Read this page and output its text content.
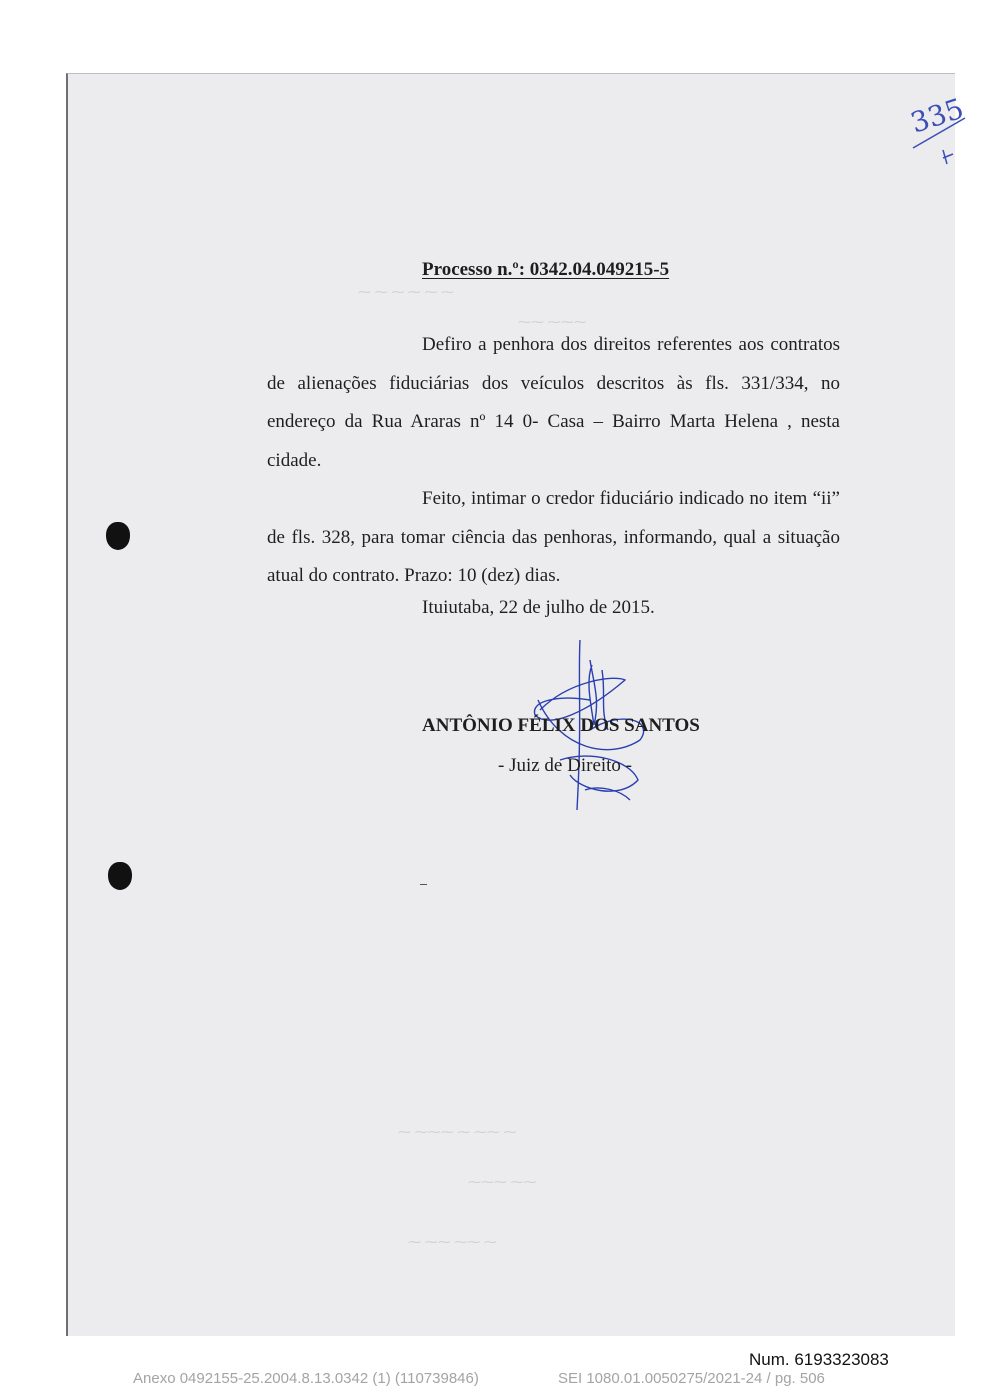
⁓ ⁓ ⁓ ⁓ ⁓ ⁓
⁓⁓⁓ ⁓⁓
⁓ ⁓⁓ ⁓ ⁓⁓⁓ ⁓
⁓⁓ ⁓⁓⁓
⁓ ⁓⁓ ⁓⁓ ⁓
335

Processo n.º: 0342.04.049215-5

Defiro a penhora dos direitos referentes aos contratos de alienações fiduciárias dos veículos descritos às fls. 331/334, no endereço da Rua Araras nº 14 0- Casa – Bairro Marta Helena , nesta cidade.

Feito, intimar o credor fiduciário indicado no item “ii” de fls. 328, para tomar ciência das penhoras, informando, qual a situação atual do contrato. Prazo: 10 (dez) dias.

Ituiutaba, 22 de julho de 2015.

ANTÔNIO FÉLIX DOS SANTOS

- Juiz de Direito -

Num. 6193323083

Anexo 0492155-25.2004.8.13.0342 (1) (110739846)	SEI 1080.01.0050275/2021-24 / pg. 506
